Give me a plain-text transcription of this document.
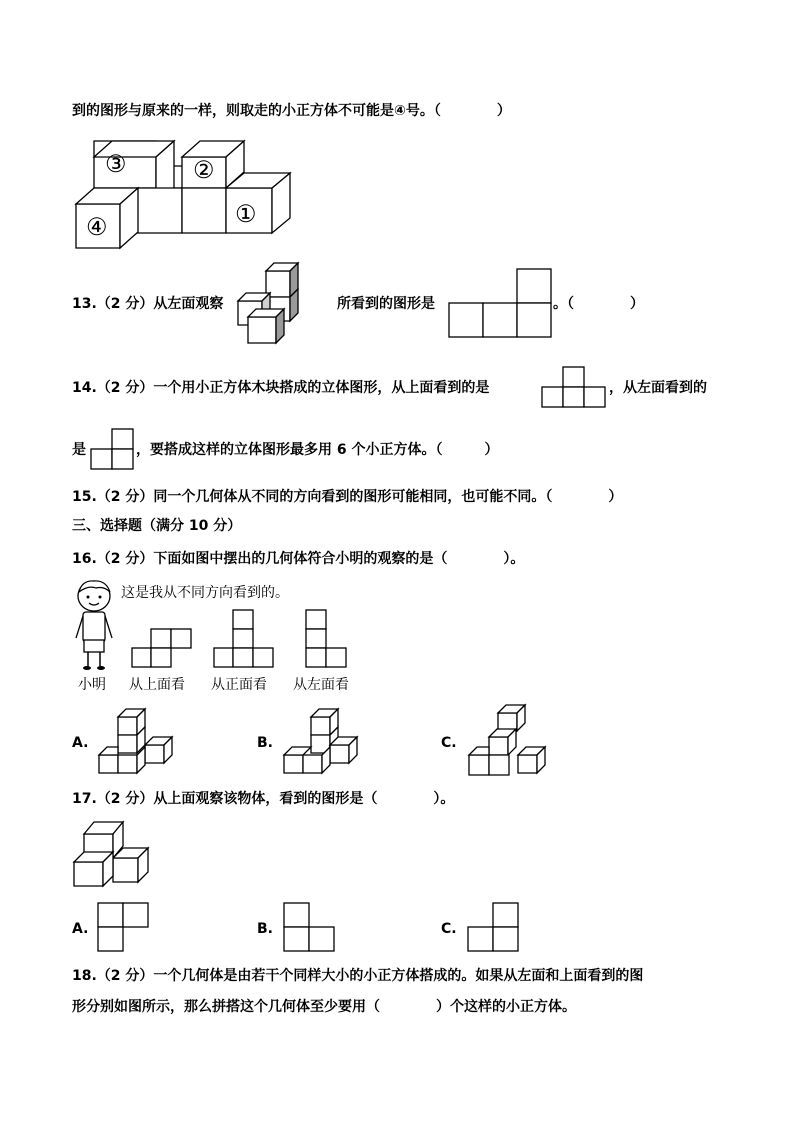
到的图形与原来的一样，则取走的小正方体不可能是④号。（　　　　）
③	②
④	①
13.（2 分）从左面观察	所看到的图形是	。（　　　　）
14.（2 分）一个用小正方体木块搭成的立体图形，从上面看到的是	，从左面看到的
是	，要搭成这样的立体图形最多用 6 个小正方体。（　　　）
15.（2 分）同一个几何体从不同的方向看到的图形可能相同，也可能不同。（　　　　）
三、选择题（满分 10 分）
16.（2 分）下面如图中摆出的几何体符合小明的观察的是（　　　　）。
这是我从不同方向看到的。
小明 从上面看 从正面看 从左面看
A.	B.	C.
17.（2 分）从上面观察该物体，看到的图形是（　　　　）。
A.	B.	C.
18.（2 分）一个几何体是由若干个同样大小的小正方体搭成的。如果从左面和上面看到的图
形分别如图所示，那么拼搭这个几何体至少要用（　　　　）个这样的小正方体。
